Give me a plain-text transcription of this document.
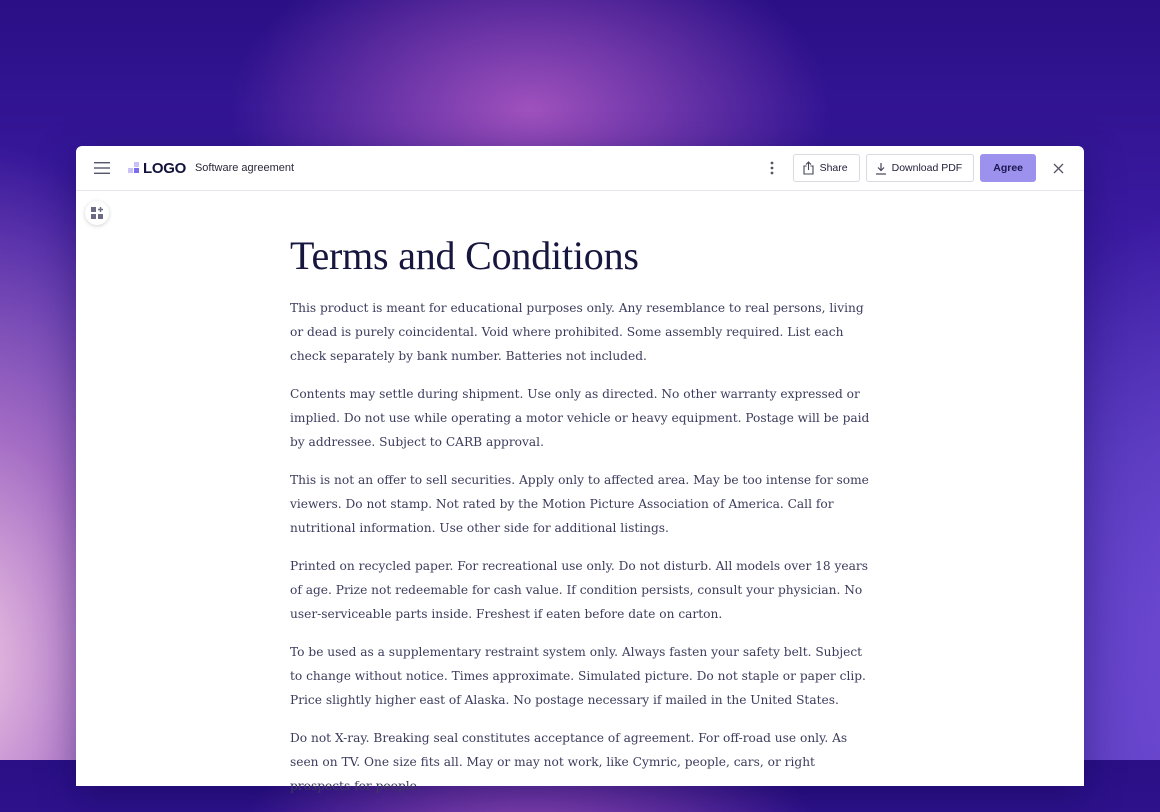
LOGO Software agreement	Share	Download PDF	Agree
Terms and Conditions

This product is meant for educational purposes only. Any resemblance to real persons, living or dead is purely coincidental. Void where prohibited. Some assembly required. List each check separately by bank number. Batteries not included.

Contents may settle during shipment. Use only as directed. No other warranty expressed or implied. Do not use while operating a motor vehicle or heavy equipment. Postage will be paid by addressee. Subject to CARB approval.

This is not an offer to sell securities. Apply only to affected area. May be too intense for some viewers. Do not stamp. Not rated by the Motion Picture Association of America. Call for nutritional information. Use other side for additional listings.

Printed on recycled paper. For recreational use only. Do not disturb. All models over 18 years of age. Prize not redeemable for cash value. If condition persists, consult your physician. No user-serviceable parts inside. Freshest if eaten before date on carton.

To be used as a supplementary restraint system only. Always fasten your safety belt. Subject to change without notice. Times approximate. Simulated picture. Do not staple or paper clip. Price slightly higher east of Alaska. No postage necessary if mailed in the United States.

Do not X-ray. Breaking seal constitutes acceptance of agreement. For off-road use only. As seen on TV. One size fits all. May or may not work, like Cymric, people, cars, or right prospects for people.
